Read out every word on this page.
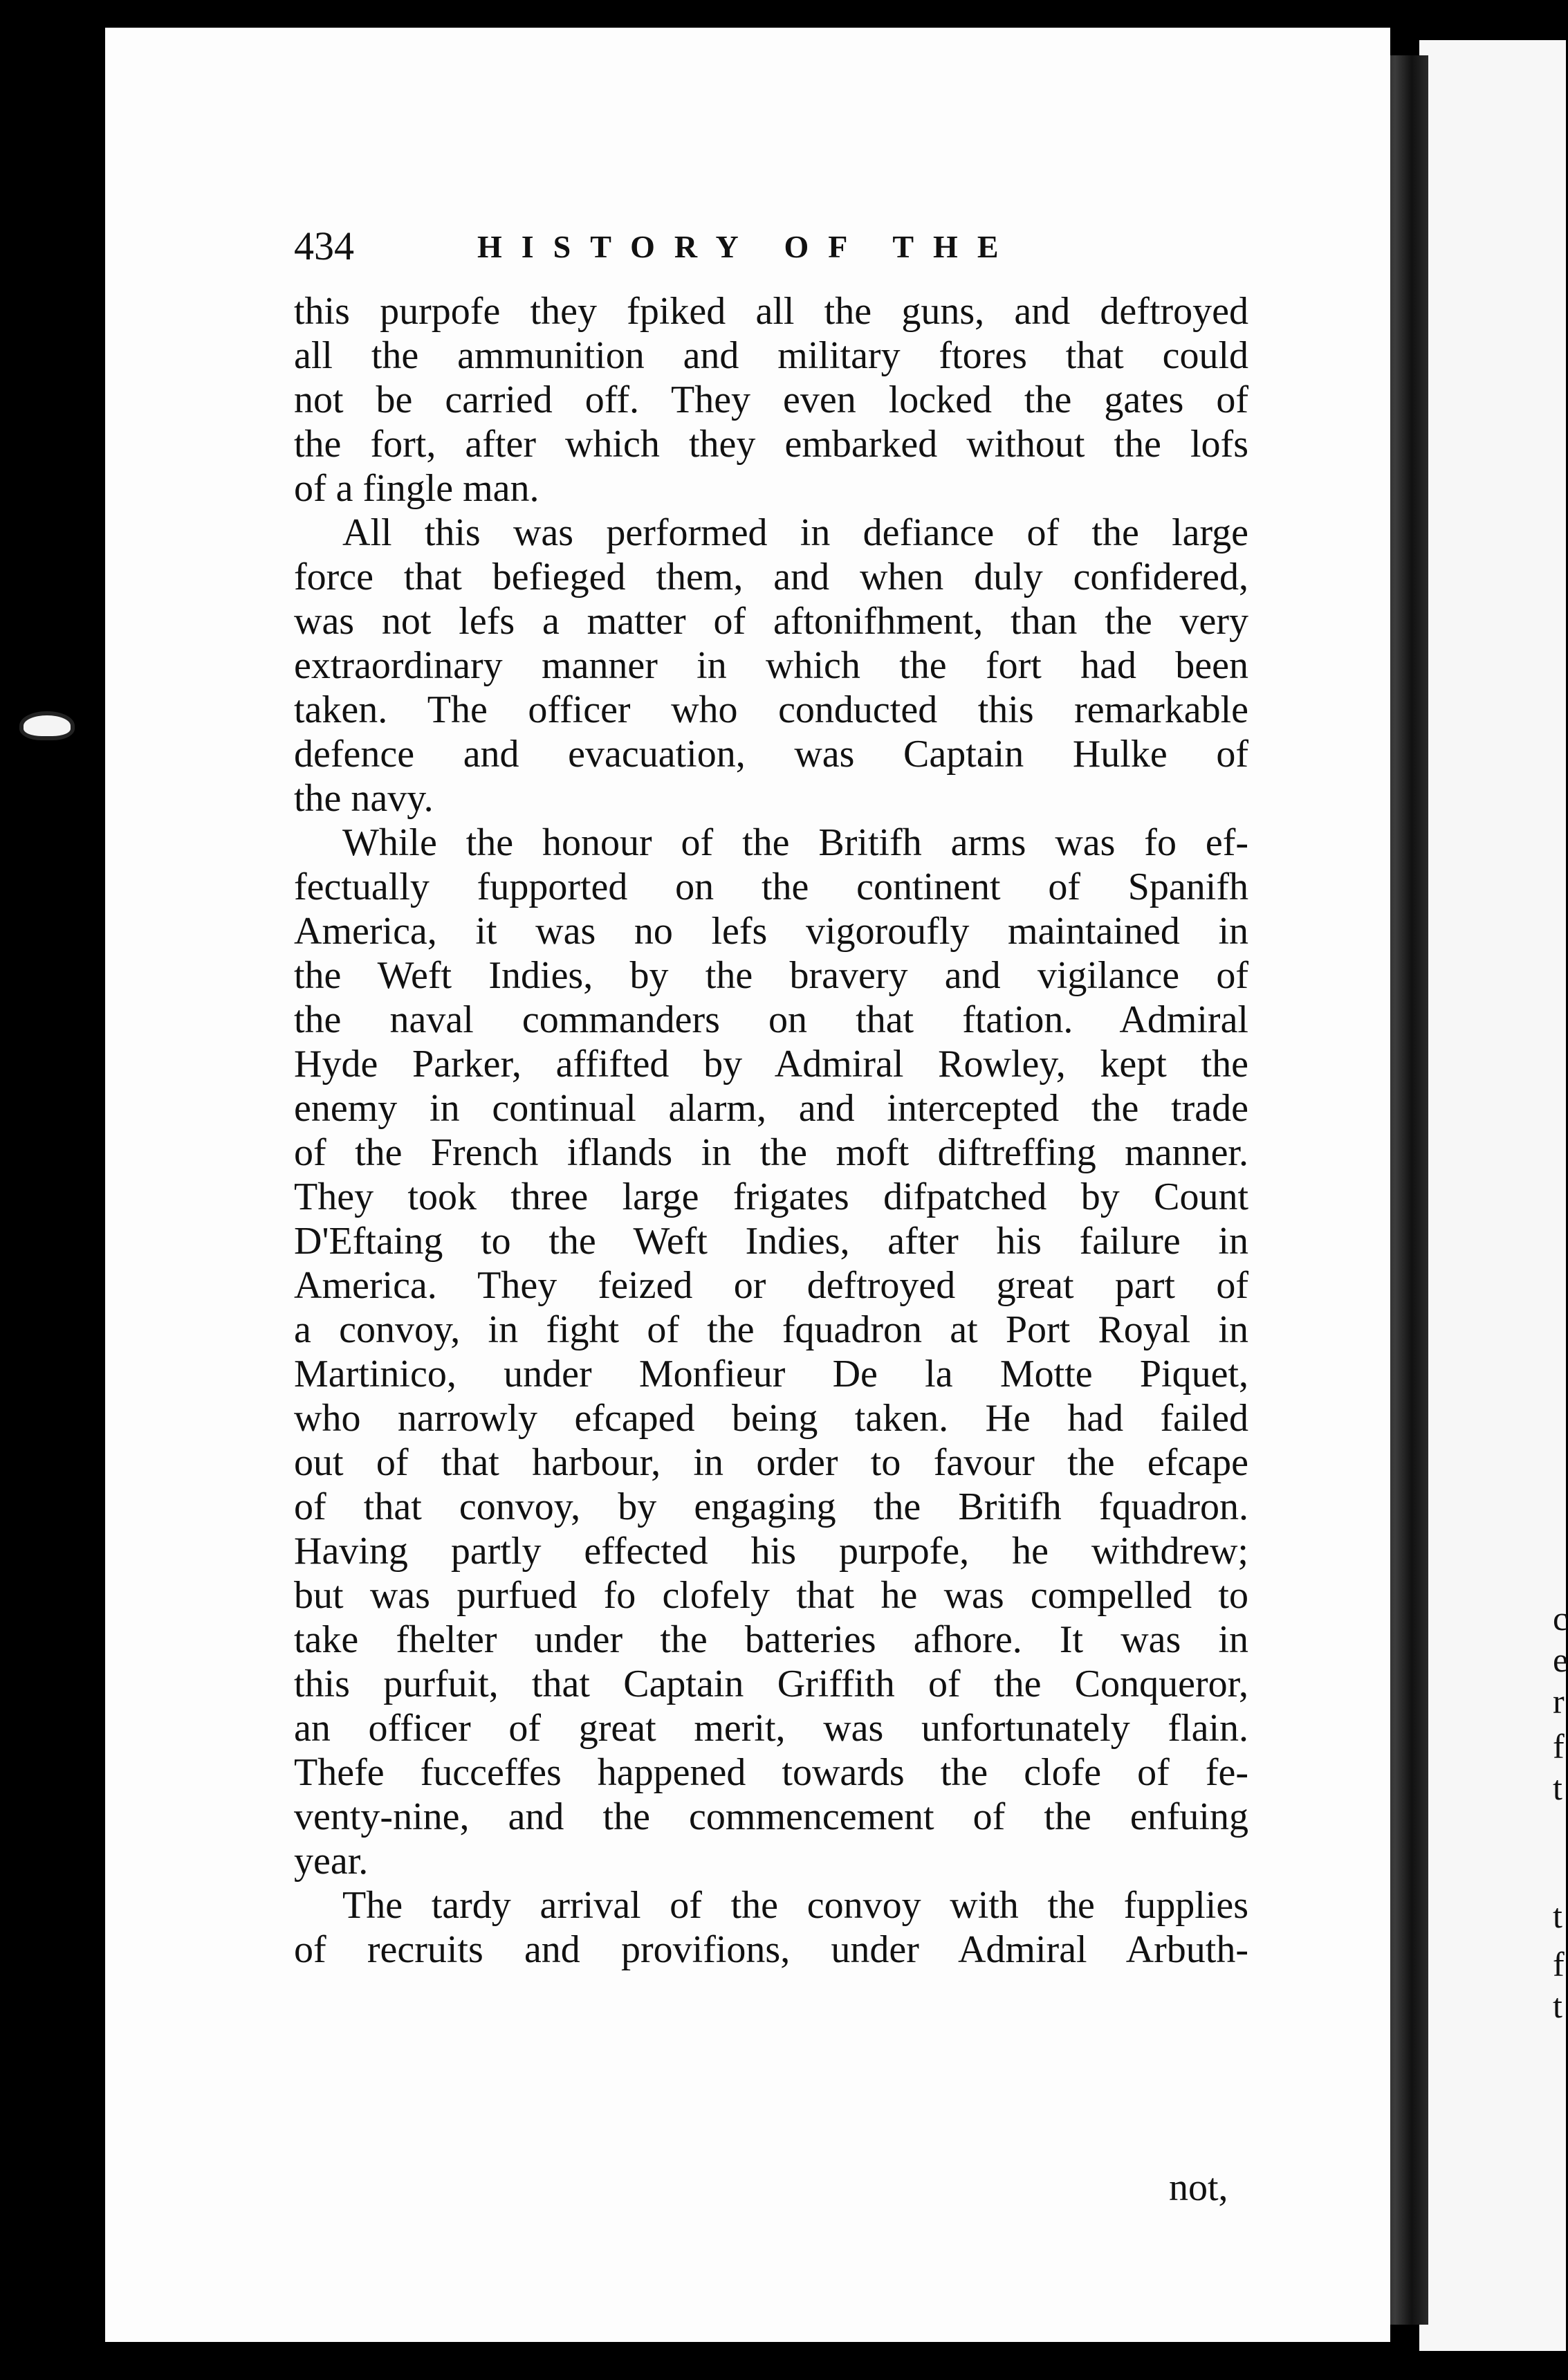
c
e
r
f
t
t
f
t
434	HISTORY OF THE
this purpofe they fpiked all the guns, and deftroyed
all the ammunition and military ftores that could
not be carried off. They even locked the gates of
the fort, after which they embarked without the lofs
of a fingle man.
All this was performed in defiance of the large
force that befieged them, and when duly confidered,
was not lefs a matter of aftonifhment, than the very
extraordinary manner in which the fort had been
taken. The officer who conducted this remarkable
defence and evacuation, was Captain Hulke of
the navy.
While the honour of the Britifh arms was fo ef-
fectually fupported on the continent of Spanifh
America, it was no lefs vigoroufly maintained in
the Weft Indies, by the bravery and vigilance of
the naval commanders on that ftation. Admiral
Hyde Parker, affifted by Admiral Rowley, kept the
enemy in continual alarm, and intercepted the trade
of the French iflands in the moft diftreffing manner.
They took three large frigates difpatched by Count
D'Eftaing to the Weft Indies, after his failure in
America. They feized or deftroyed great part of
a convoy, in fight of the fquadron at Port Royal in
Martinico, under Monfieur De la Motte Piquet,
who narrowly efcaped being taken. He had failed
out of that harbour, in order to favour the efcape
of that convoy, by engaging the Britifh fquadron.
Having partly effected his purpofe, he withdrew;
but was purfued fo clofely that he was compelled to
take fhelter under the batteries afhore. It was in
this purfuit, that Captain Griffith of the Conqueror,
an officer of great merit, was unfortunately flain.
Thefe fucceffes happened towards the clofe of fe-
venty-nine, and the commencement of the enfuing
year.
The tardy arrival of the convoy with the fupplies
of recruits and provifions, under Admiral Arbuth-
not,
